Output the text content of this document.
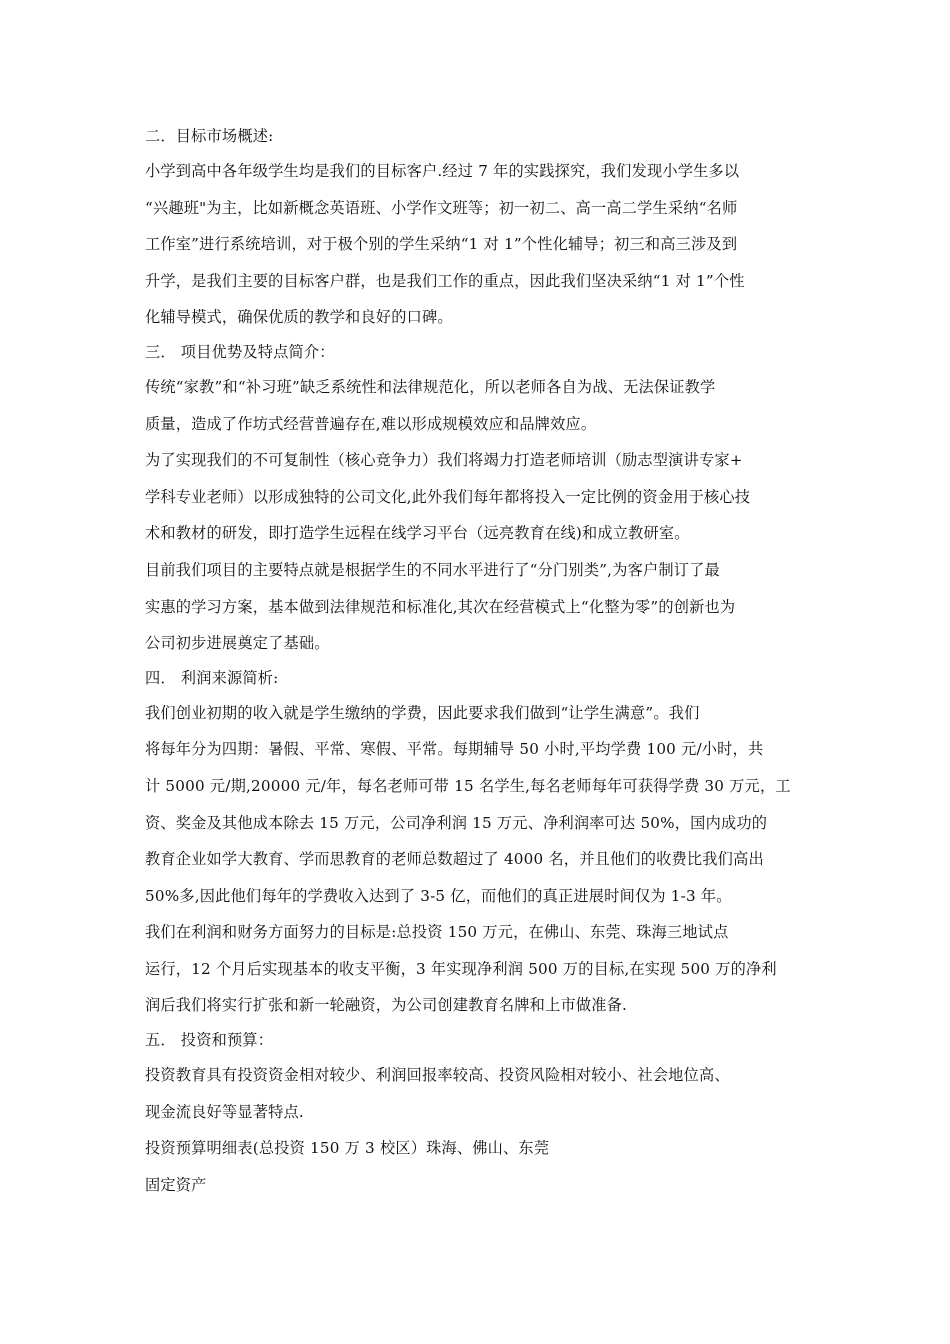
二．目标市场概述:
小学到高中各年级学生均是我们的目标客户.经过 7 年的实践探究，我们发现小学生多以
“兴趣班"为主，比如新概念英语班、小学作文班等；初一初二、高一高二学生采纳“名师
工作室”进行系统培训，对于极个别的学生采纳“1 对 1”个性化辅导；初三和高三涉及到
升学，是我们主要的目标客户群，也是我们工作的重点，因此我们坚决采纳“1 对 1”个性
化辅导模式，确保优质的教学和良好的口碑。
三． 项目优势及特点简介：
传统“家教”和“补习班”缺乏系统性和法律规范化，所以老师各自为战、无法保证教学
质量，造成了作坊式经营普遍存在,难以形成规模效应和品牌效应。
为了实现我们的不可复制性（核心竞争力）我们将竭力打造老师培训（励志型演讲专家+
学科专业老师）以形成独特的公司文化,此外我们每年都将投入一定比例的资金用于核心技
术和教材的研发，即打造学生远程在线学习平台（远亮教育在线)和成立教研室。
目前我们项目的主要特点就是根据学生的不同水平进行了“分门别类”,为客户制订了最
实惠的学习方案，基本做到法律规范和标准化,其次在经营模式上“化整为零”的创新也为
公司初步进展奠定了基础。
四． 利润来源简析:
我们创业初期的收入就是学生缴纳的学费，因此要求我们做到“让学生满意”。我们
将每年分为四期：暑假、平常、寒假、平常。每期辅导 50 小时,平均学费 100 元/小时，共
计 5000 元/期,20000 元/年，每名老师可带 15 名学生,每名老师每年可获得学费 30 万元，工
资、奖金及其他成本除去 15 万元，公司净利润 15 万元、净利润率可达 50%，国内成功的
教育企业如学大教育、学而思教育的老师总数超过了 4000 名，并且他们的收费比我们高出
50%多,因此他们每年的学费收入达到了 3-5 亿，而他们的真正进展时间仅为 1-3 年。
我们在利润和财务方面努力的目标是:总投资 150 万元，在佛山、东莞、珠海三地试点
运行，12 个月后实现基本的收支平衡，3 年实现净利润 500 万的目标,在实现 500 万的净利
润后我们将实行扩张和新一轮融资，为公司创建教育名牌和上市做准备.
五． 投资和预算：
投资教育具有投资资金相对较少、利润回报率较高、投资风险相对较小、社会地位高、
现金流良好等显著特点.
投资预算明细表(总投资 150 万 3 校区）珠海、佛山、东莞
固定资产
